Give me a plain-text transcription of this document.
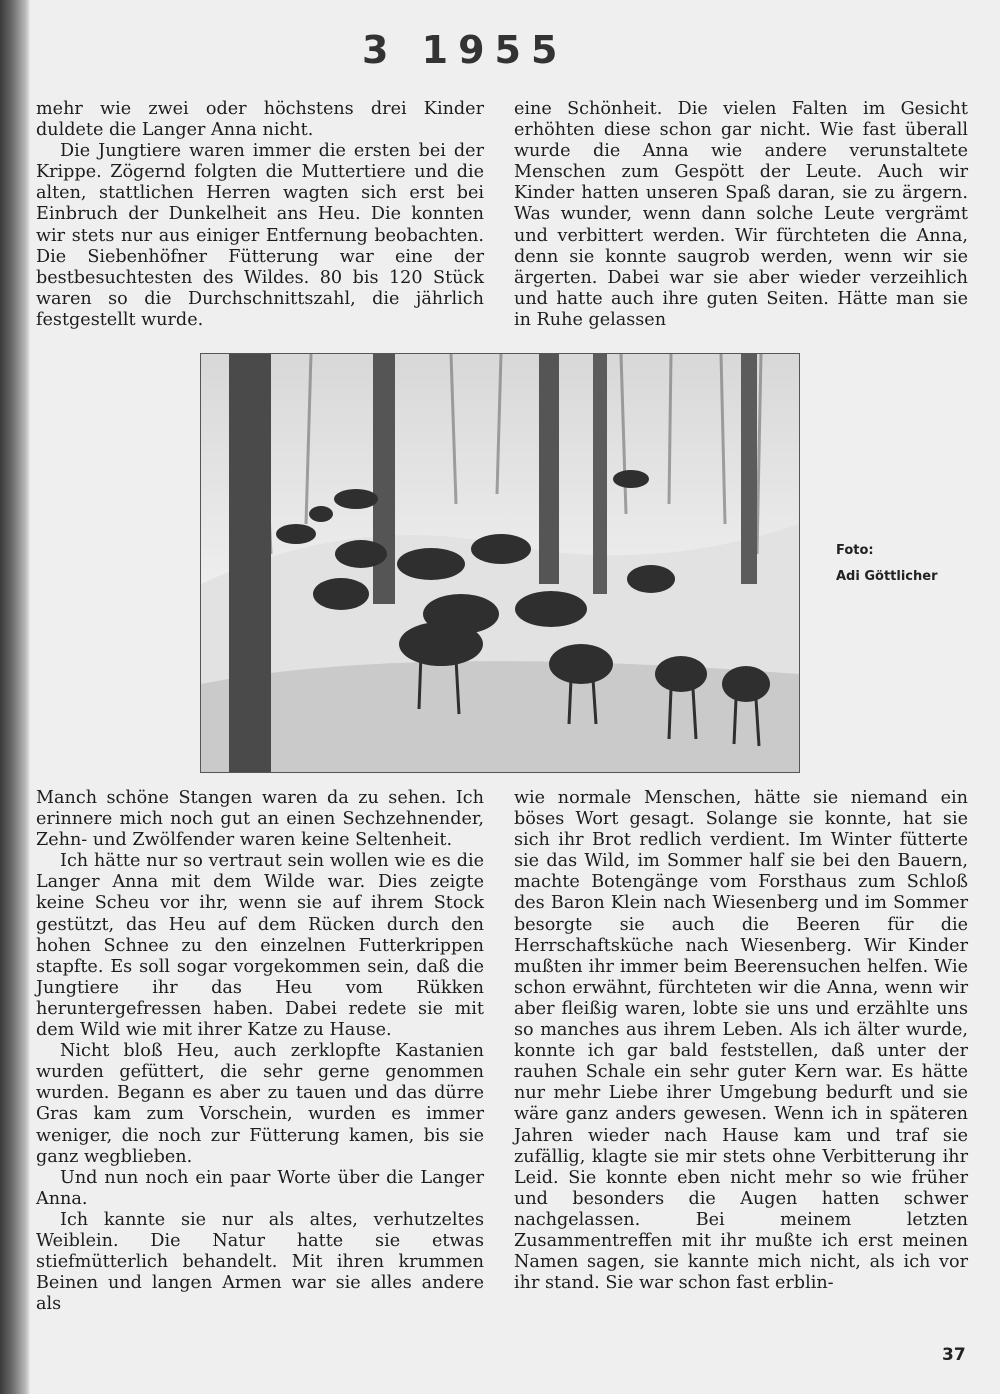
3 1955

mehr wie zwei oder höchstens drei Kinder duldete die Langer Anna nicht.

Die Jungtiere waren immer die ersten bei der Krippe. Zögernd folgten die Muttertiere und die alten, stattlichen Herren wagten sich erst bei Einbruch der Dunkelheit ans Heu. Die konnten wir stets nur aus einiger Entfernung beobachten. Die Siebenhöfner Fütterung war eine der bestbesuchtesten des Wildes. 80 bis 120 Stück waren so die Durchschnittszahl, die jährlich festgestellt wurde.

eine Schönheit. Die vielen Falten im Gesicht erhöhten diese schon gar nicht. Wie fast überall wurde die Anna wie andere verunstaltete Menschen zum Gespött der Leute. Auch wir Kinder hatten unseren Spaß daran, sie zu ärgern. Was wunder, wenn dann solche Leute vergrämt und verbittert werden. Wir fürchteten die Anna, denn sie konnte saugrob werden, wenn wir sie ärgerten. Dabei war sie aber wieder verzeihlich und hatte auch ihre guten Seiten. Hätte man sie in Ruhe gelassen

Foto:
Adi Göttlicher

Manch schöne Stangen waren da zu sehen. Ich erinnere mich noch gut an einen Sechzehnender, Zehn- und Zwölfender waren keine Seltenheit.

Ich hätte nur so vertraut sein wollen wie es die Langer Anna mit dem Wilde war. Dies zeigte keine Scheu vor ihr, wenn sie auf ihrem Stock gestützt, das Heu auf dem Rücken durch den hohen Schnee zu den einzelnen Futterkrippen stapfte. Es soll sogar vorgekommen sein, daß die Jungtiere ihr das Heu vom Rükken heruntergefressen haben. Dabei redete sie mit dem Wild wie mit ihrer Katze zu Hause.

Nicht bloß Heu, auch zerklopfte Kastanien wurden gefüttert, die sehr gerne genommen wurden. Begann es aber zu tauen und das dürre Gras kam zum Vorschein, wurden es immer weniger, die noch zur Fütterung kamen, bis sie ganz wegblieben.

Und nun noch ein paar Worte über die Langer Anna.

Ich kannte sie nur als altes, verhutzeltes Weiblein. Die Natur hatte sie etwas stiefmütterlich behandelt. Mit ihren krummen Beinen und langen Armen war sie alles andere als

wie normale Menschen, hätte sie niemand ein böses Wort gesagt. Solange sie konnte, hat sie sich ihr Brot redlich verdient. Im Winter fütterte sie das Wild, im Sommer half sie bei den Bauern, machte Botengänge vom Forsthaus zum Schloß des Baron Klein nach Wiesenberg und im Sommer besorgte sie auch die Beeren für die Herrschaftsküche nach Wiesenberg. Wir Kinder mußten ihr immer beim Beerensuchen helfen. Wie schon erwähnt, fürchteten wir die Anna, wenn wir aber fleißig waren, lobte sie uns und erzählte uns so manches aus ihrem Leben. Als ich älter wurde, konnte ich gar bald feststellen, daß unter der rauhen Schale ein sehr guter Kern war. Es hätte nur mehr Liebe ihrer Umgebung bedurft und sie wäre ganz anders gewesen. Wenn ich in späteren Jahren wieder nach Hause kam und traf sie zufällig, klagte sie mir stets ohne Verbitterung ihr Leid. Sie konnte eben nicht mehr so wie früher und besonders die Augen hatten schwer nachgelassen. Bei meinem letzten Zusammentreffen mit ihr mußte ich erst meinen Namen sagen, sie kannte mich nicht, als ich vor ihr stand. Sie war schon fast erblin-

37
